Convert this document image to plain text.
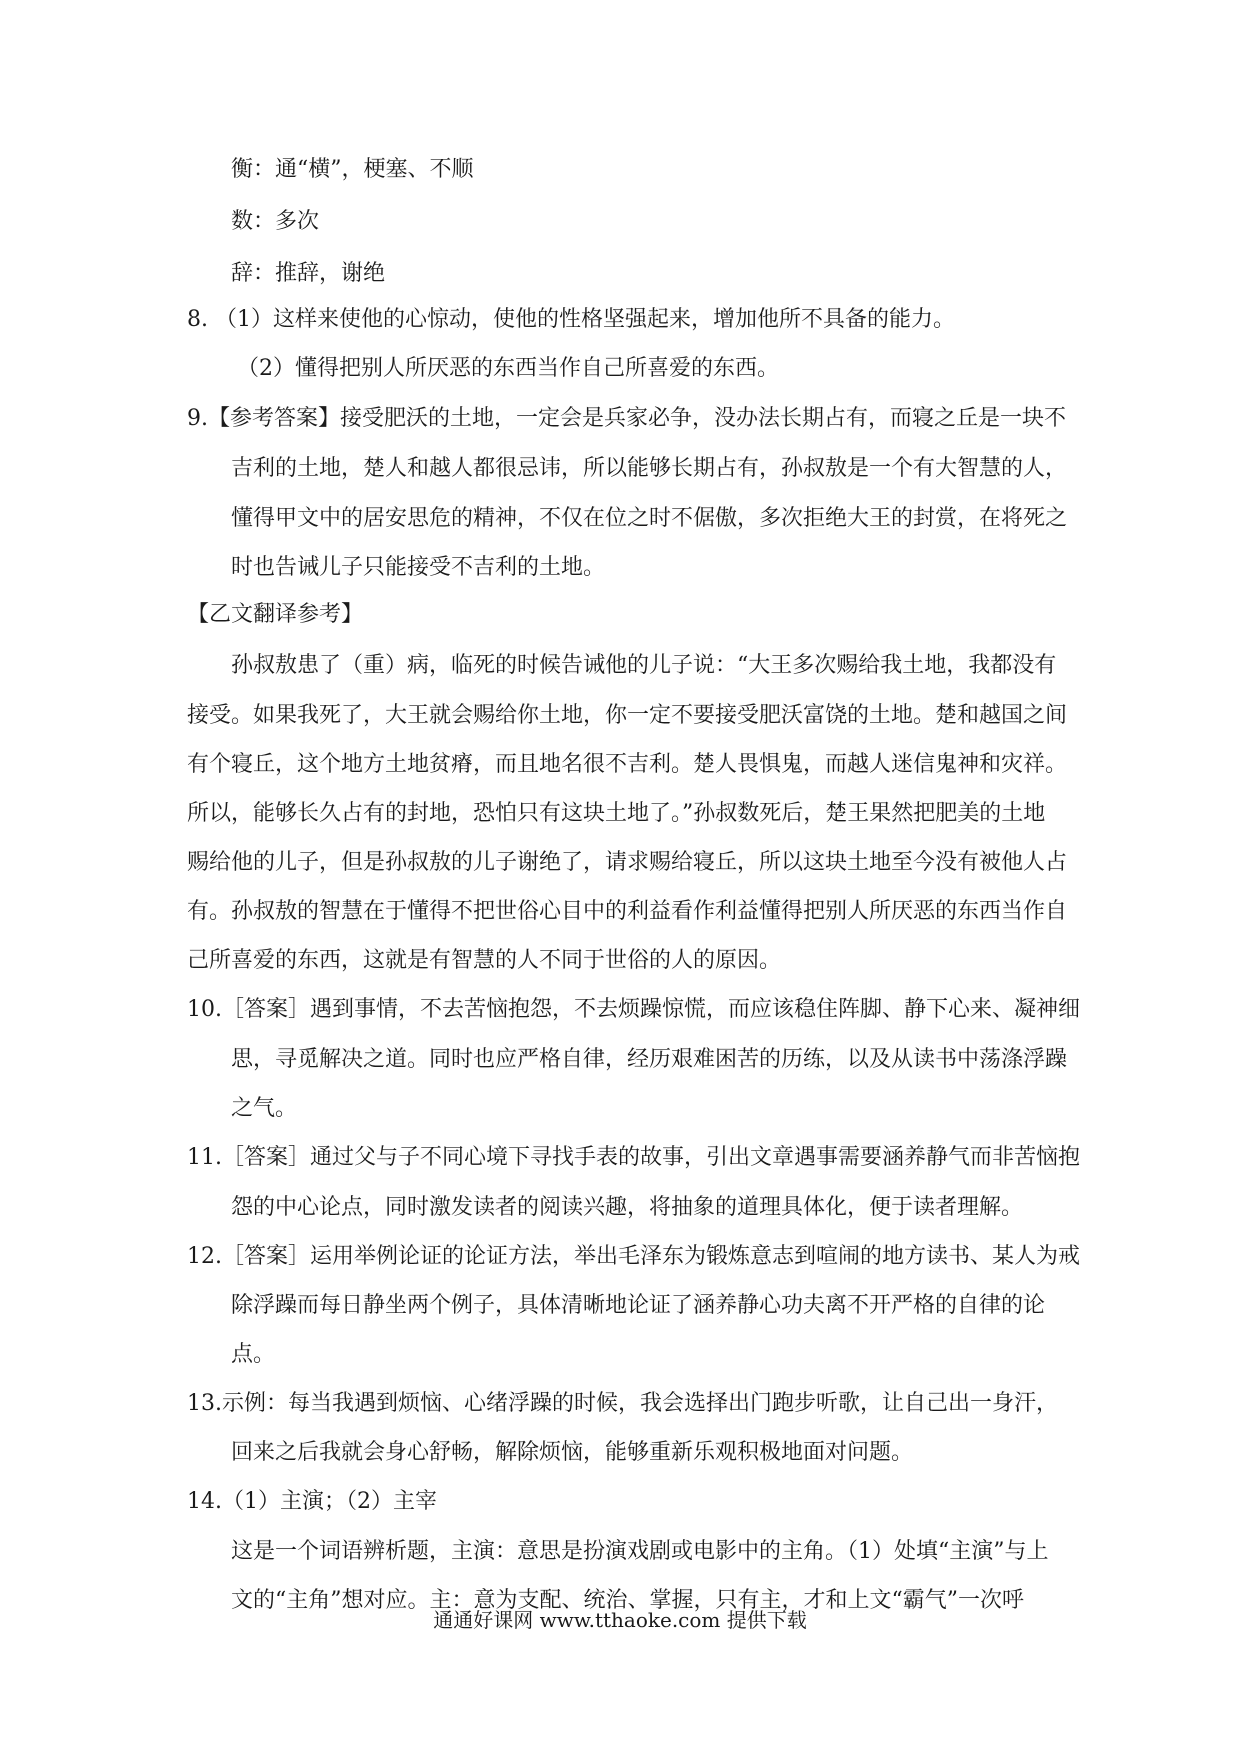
衡：通“横”，梗塞、不顺
数：多次
辞：推辞，谢绝
8. （1）这样来使他的心惊动，使他的性格坚强起来，增加他所不具备的能力。
（2）懂得把别人所厌恶的东西当作自己所喜爱的东西。
9.【参考答案】接受肥沃的土地，一定会是兵家必争，没办法长期占有，而寝之丘是一块不
吉利的土地，楚人和越人都很忌讳，所以能够长期占有，孙叔敖是一个有大智慧的人，
懂得甲文中的居安思危的精神，不仅在位之时不倨傲，多次拒绝大王的封赏，在将死之
时也告诫儿子只能接受不吉利的土地。
【乙文翻译参考】
孙叔敖患了（重）病，临死的时候告诫他的儿子说：“大王多次赐给我土地，我都没有
接受。如果我死了，大王就会赐给你土地，你一定不要接受肥沃富饶的土地。楚和越国之间
有个寝丘，这个地方土地贫瘠，而且地名很不吉利。楚人畏惧鬼，而越人迷信鬼神和灾祥。
所以，能够长久占有的封地，恐怕只有这块土地了。”孙叔数死后，楚王果然把肥美的土地
赐给他的儿子，但是孙叔敖的儿子谢绝了，请求赐给寝丘，所以这块土地至今没有被他人占
有。孙叔敖的智慧在于懂得不把世俗心目中的利益看作利益懂得把别人所厌恶的东西当作自
己所喜爱的东西，这就是有智慧的人不同于世俗的人的原因。
10.［答案］遇到事情，不去苦恼抱怨，不去烦躁惊慌，而应该稳住阵脚、静下心来、凝神细
思，寻觅解决之道。同时也应严格自律，经历艰难困苦的历练，以及从读书中荡涤浮躁
之气。
11.［答案］通过父与子不同心境下寻找手表的故事，引出文章遇事需要涵养静气而非苦恼抱
怨的中心论点，同时激发读者的阅读兴趣，将抽象的道理具体化，便于读者理解。
12.［答案］运用举例论证的论证方法，举出毛泽东为锻炼意志到喧闹的地方读书、某人为戒
除浮躁而每日静坐两个例子，具体清晰地论证了涵养静心功夫离不开严格的自律的论
点。
13.示例：每当我遇到烦恼、心绪浮躁的时候，我会选择出门跑步听歌，让自己出一身汗，
回来之后我就会身心舒畅，解除烦恼，能够重新乐观积极地面对问题。
14.（1）主演；（2）主宰
这是一个词语辨析题，主演：意思是扮演戏剧或电影中的主角。（1）处填“主演”与上
文的“主角”想对应。主：意为支配、统治、掌握，只有主，才和上文“霸气”一次呼
通通好课网 www.tthaoke.com 提供下载
